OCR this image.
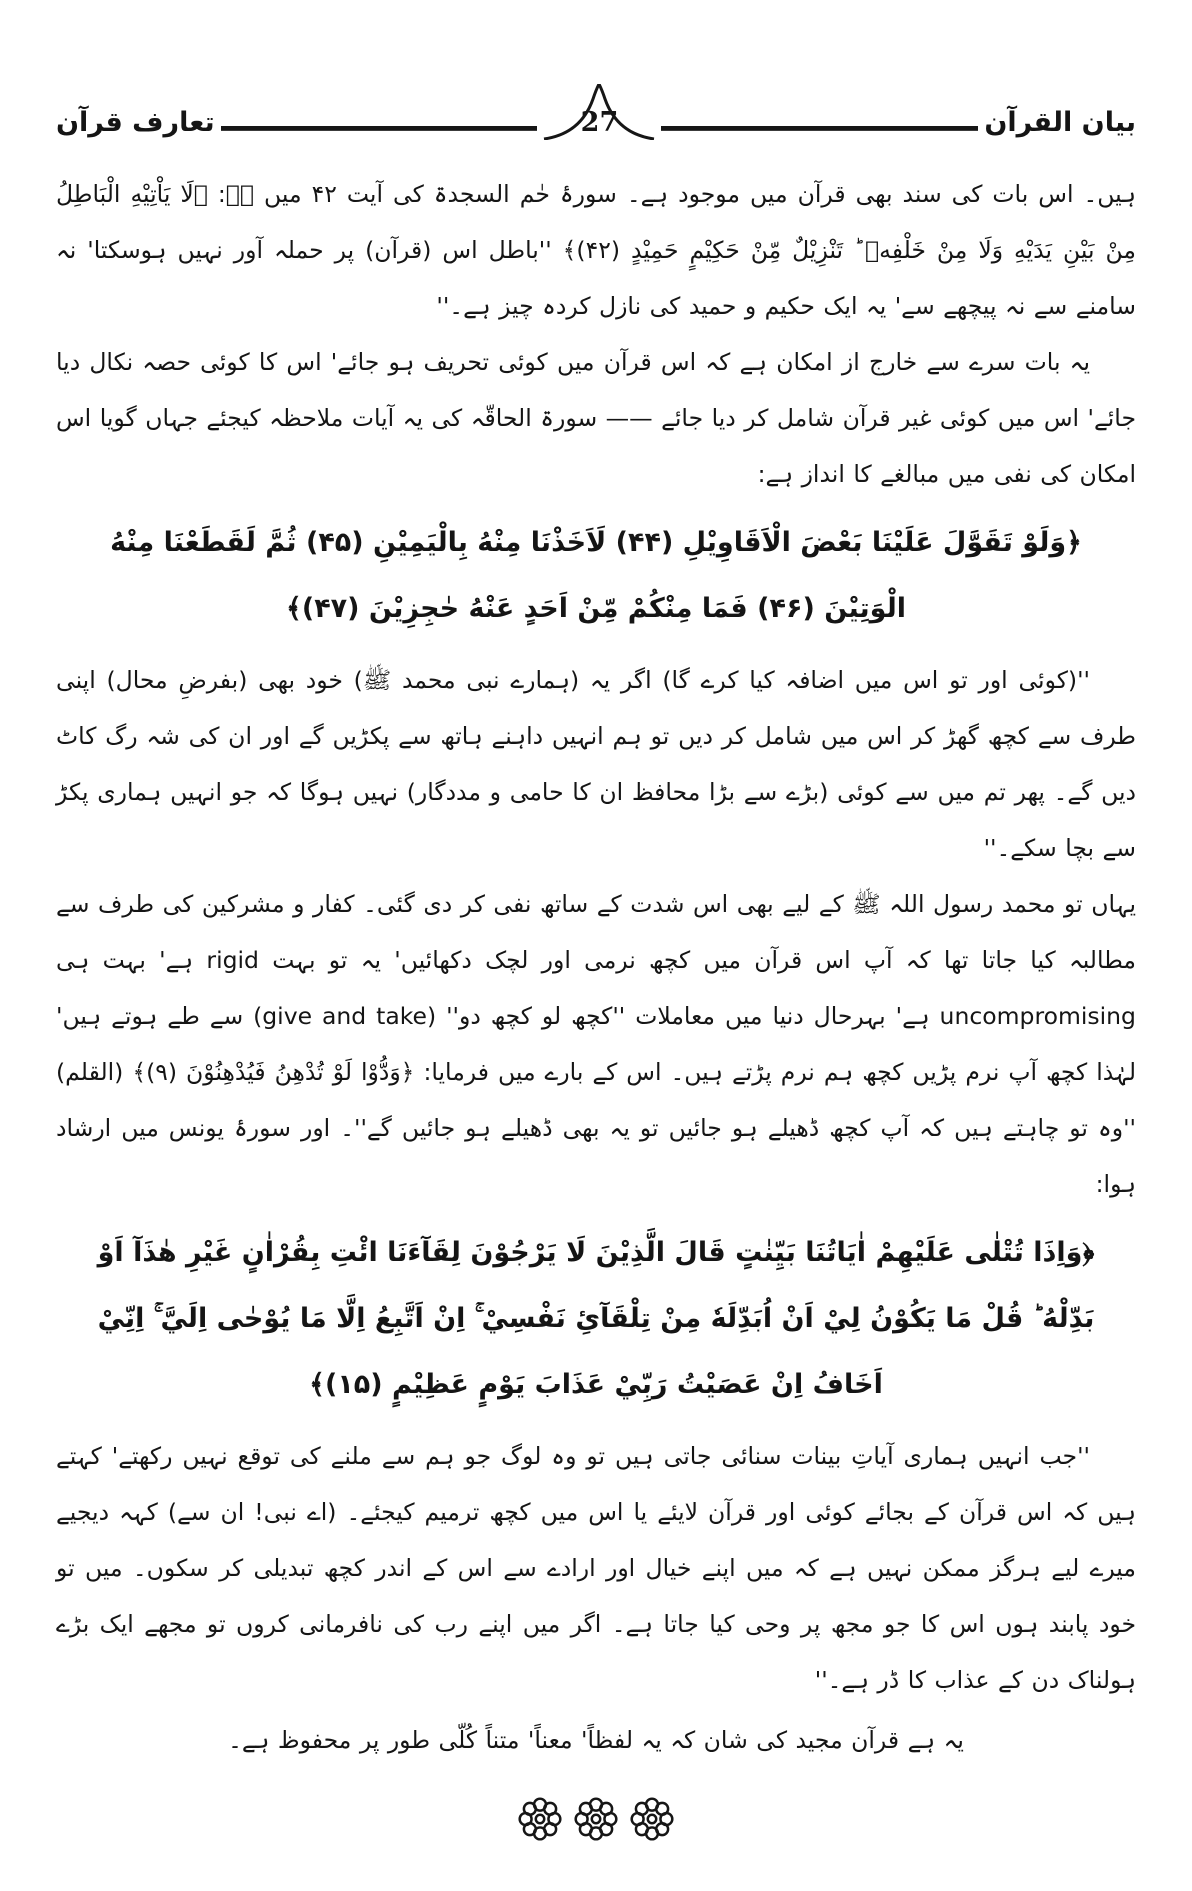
بیان القرآن
27
تعارف قرآن

ہیں۔ اس بات کی سند بھی قرآن میں موجود ہے۔ سورۂ حٰم السجدۃ کی آیت ۴۲ میں ہے: ﴿لَا يَاْتِيْهِ الْبَاطِلُ مِنْ بَيْنِ يَدَيْهِ وَلَا مِنْ خَلْفِهٖ ؕ تَنْزِيْلٌ مِّنْ حَكِيْمٍ حَمِيْدٍ (۴۲)﴾ ''باطل اس (قرآن) پر حملہ آور نہیں ہوسکتا' نہ سامنے سے نہ پیچھے سے' یہ ایک حکیم و حمید کی نازل کردہ چیز ہے۔''

یہ بات سرے سے خارج از امکان ہے کہ اس قرآن میں کوئی تحریف ہو جائے' اس کا کوئی حصہ نکال دیا جائے' اس میں کوئی غیر قرآن شامل کر دیا جائے —— سورۃ الحاقّہ کی یہ آیات ملاحظہ کیجئے جہاں گویا اس امکان کی نفی میں مبالغے کا انداز ہے:

﴿وَلَوْ تَقَوَّلَ عَلَيْنَا بَعْضَ الْاَقَاوِيْلِ (۴۴) لَاَخَذْنَا مِنْهُ بِالْيَمِيْنِ (۴۵) ثُمَّ لَقَطَعْنَا مِنْهُ الْوَتِيْنَ (۴۶) فَمَا مِنْكُمْ مِّنْ اَحَدٍ عَنْهُ حٰجِزِيْنَ (۴۷)﴾

''(کوئی اور تو اس میں اضافہ کیا کرے گا) اگر یہ (ہمارے نبی محمد ﷺ) خود بھی (بفرضِ محال) اپنی طرف سے کچھ گھڑ کر اس میں شامل کر دیں تو ہم انہیں داہنے ہاتھ سے پکڑیں گے اور ان کی شہ رگ کاٹ دیں گے۔ پھر تم میں سے کوئی (بڑے سے بڑا محافظ ان کا حامی و مددگار) نہیں ہوگا کہ جو انہیں ہماری پکڑ سے بچا سکے۔''

یہاں تو محمد رسول اللہ ﷺ کے لیے بھی اس شدت کے ساتھ نفی کر دی گئی۔ کفار و مشرکین کی طرف سے مطالبہ کیا جاتا تھا کہ آپ اس قرآن میں کچھ نرمی اور لچک دکھائیں' یہ تو بہت rigid ہے' بہت ہی uncompromising ہے' بہرحال دنیا میں معاملات ''کچھ لو کچھ دو'' (give and take) سے طے ہوتے ہیں' لہٰذا کچھ آپ نرم پڑیں کچھ ہم نرم پڑتے ہیں۔ اس کے بارے میں فرمایا: ﴿وَدُّوْا لَوْ تُدْهِنُ فَيُدْهِنُوْنَ (۹)﴾ (القلم) ''وہ تو چاہتے ہیں کہ آپ کچھ ڈھیلے ہو جائیں تو یہ بھی ڈھیلے ہو جائیں گے''۔ اور سورۂ یونس میں ارشاد ہوا:

﴿وَاِذَا تُتْلٰى عَلَيْهِمْ اٰيَاتُنَا بَيِّنٰتٍ قَالَ الَّذِيْنَ لَا يَرْجُوْنَ لِقَآءَنَا ائْتِ بِقُرْاٰنٍ غَيْرِ هٰذَآ اَوْ بَدِّلْهُ ؕ قُلْ مَا يَكُوْنُ لِيْ اَنْ اُبَدِّلَهٗ مِنْ تِلْقَآئِ نَفْسِيْ ۚ اِنْ اَتَّبِعُ اِلَّا مَا يُوْحٰى اِلَيَّ ۚ اِنِّيْ اَخَافُ اِنْ عَصَيْتُ رَبِّيْ عَذَابَ يَوْمٍ عَظِيْمٍ (۱۵)﴾

''جب انہیں ہماری آیاتِ بینات سنائی جاتی ہیں تو وہ لوگ جو ہم سے ملنے کی توقع نہیں رکھتے' کہتے ہیں کہ اس قرآن کے بجائے کوئی اور قرآن لایئے یا اس میں کچھ ترمیم کیجئے۔ (اے نبی! ان سے) کہہ دیجیے میرے لیے ہرگز ممکن نہیں ہے کہ میں اپنے خیال اور ارادے سے اس کے اندر کچھ تبدیلی کر سکوں۔ میں تو خود پابند ہوں اس کا جو مجھ پر وحی کیا جاتا ہے۔ اگر میں اپنے رب کی نافرمانی کروں تو مجھے ایک بڑے ہولناک دن کے عذاب کا ڈر ہے۔''

یہ ہے قرآن مجید کی شان کہ یہ لفظاً' معناً' متناً کُلّی طور پر محفوظ ہے۔
